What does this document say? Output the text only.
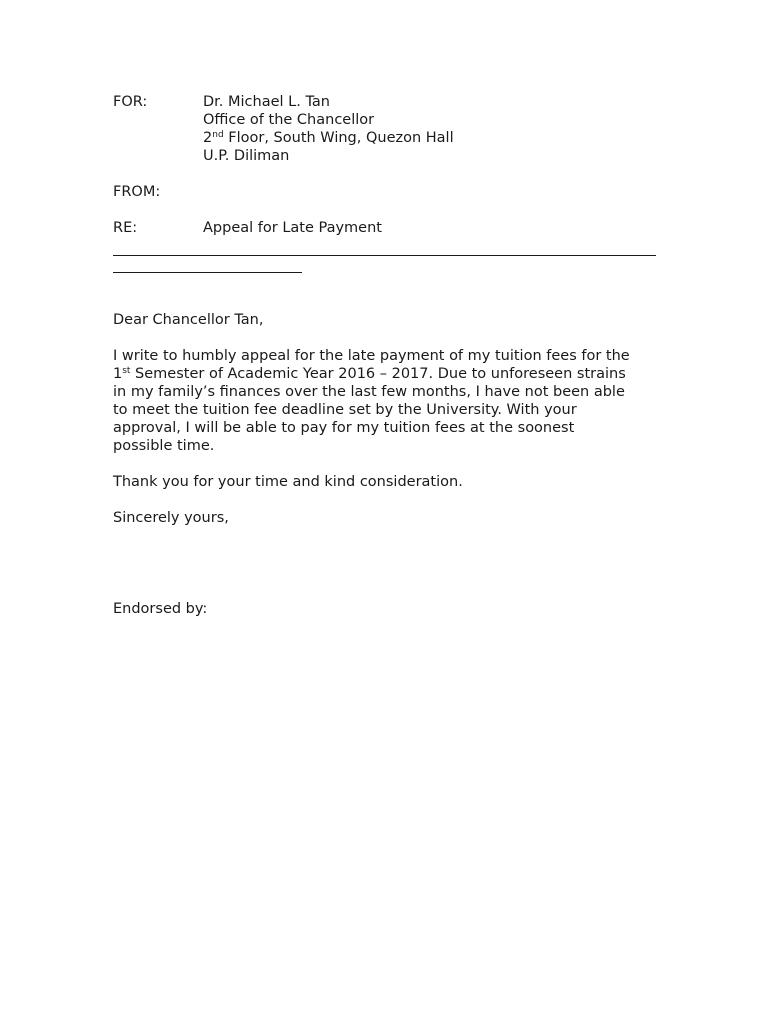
FOR:	Dr. Michael L. Tan
Office of the Chancellor
2nd Floor, South Wing, Quezon Hall
U.P. Diliman
FROM:
RE:	Appeal for Late Payment
Dear Chancellor Tan,
I write to humbly appeal for the late payment of my tuition fees for the
1st Semester of Academic Year 2016 – 2017. Due to unforeseen strains
in my family’s finances over the last few months, I have not been able
to meet the tuition fee deadline set by the University. With your
approval, I will be able to pay for my tuition fees at the soonest
possible time.
Thank you for your time and kind consideration.
Sincerely yours,
Endorsed by:
